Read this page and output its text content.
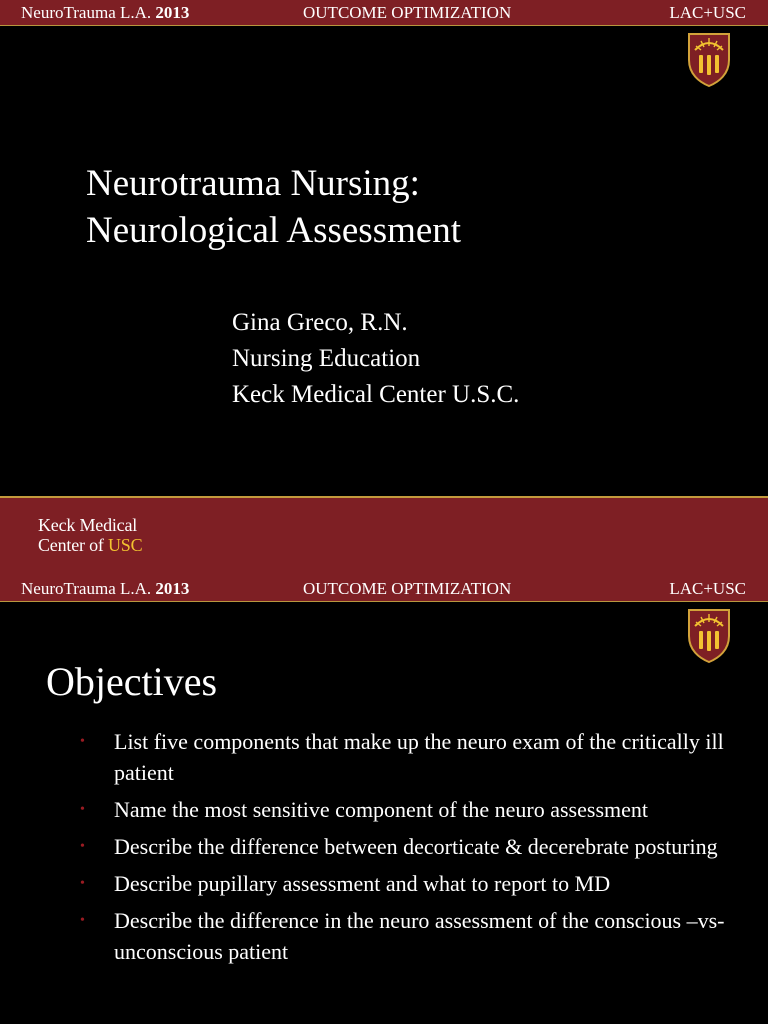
NeuroTrauma L.A. 2013	OUTCOME OPTIMIZATION	LAC+USC
Neurotrauma Nursing:
Neurological Assessment
Gina Greco, R.N.
Nursing Education
Keck Medical Center U.S.C.
Keck Medical
Center of USC
NeuroTrauma L.A. 2013	OUTCOME OPTIMIZATION	LAC+USC
Objectives
• List five components that make up the neuro exam of the critically ill patient
• Name the most sensitive component of the neuro assessment
• Describe the difference between decorticate & decerebrate posturing
• Describe pupillary assessment and what to report to MD
• Describe the difference in the neuro assessment of the conscious –vs- unconscious patient
